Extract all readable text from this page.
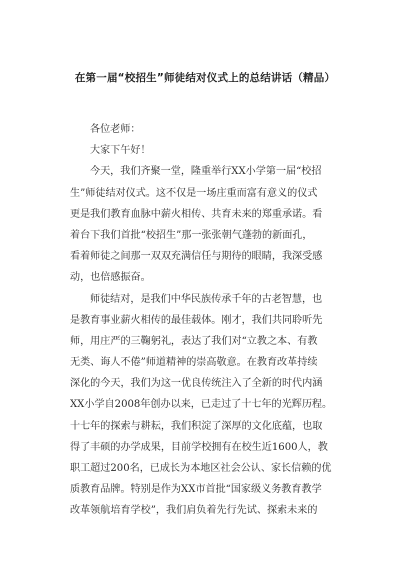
在第一届“校招生”师徒结对仪式上的总结讲话（精品）
各位老师：
大家下午好！
今天，我们齐聚一堂，隆重举行XX小学第一届“校招
生”师徒结对仪式。这不仅是一场庄重而富有意义的仪式
更是我们教育血脉中薪火相传、共育未来的郑重承诺。看
着台下我们首批“校招生”那一张张朝气蓬勃的新面孔，
看着师徒之间那一双双充满信任与期待的眼睛，我深受感
动，也倍感振奋。
师徒结对，是我们中华民族传承千年的古老智慧，也
是教育事业薪火相传的最佳载体。刚才，我们共同聆听先
师，用庄严的三鞠躬礼，表达了我们对“立教之本、有教
无类、诲人不倦”师道精神的崇高敬意。在教育改革持续
深化的今天，我们为这一优良传统注入了全新的时代内涵
XX小学自2008年创办以来，已走过了十七年的光辉历程。
十七年的探索与耕耘，我们积淀了深厚的文化底蕴，也取
得了丰硕的办学成果，目前学校拥有在校生近1600人，教
职工超过200名，已成长为本地区社会公认、家长信赖的优
质教育品牌。特别是作为XX市首批“国家级义务教育教学
改革领航培育学校”，我们肩负着先行先试、探索未来的
